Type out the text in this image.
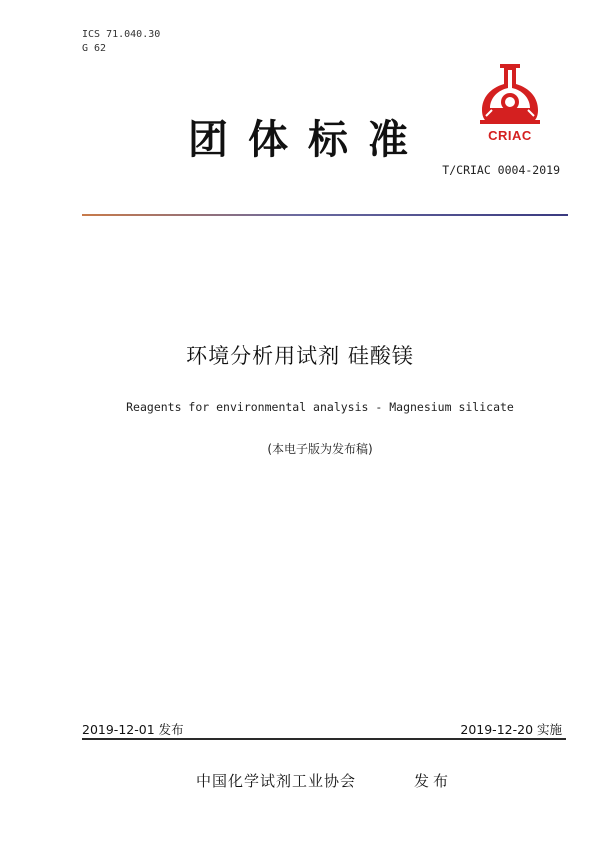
ICS 71.040.30
G 62
团体标准	CRIAC
T/CRIAC 0004-2019
环境分析用试剂 硅酸镁
Reagents for environmental analysis - Magnesium silicate
(本电子版为发布稿)
2019-12-01 发布	2019-12-20 实施
中国化学试剂工业协会	发布
